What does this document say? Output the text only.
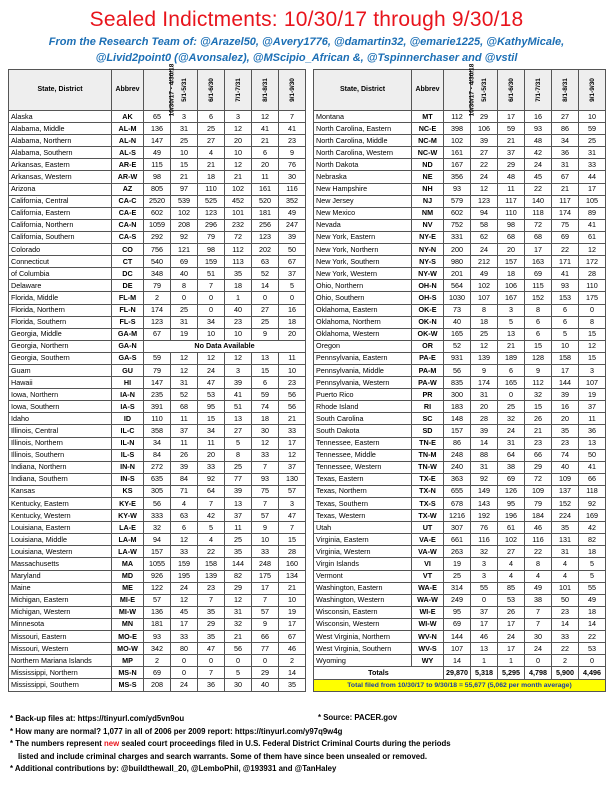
Sealed Indictments: 10/30/17 through 9/30/18
From the Research Team of: @Arazel50, @Avery1776, @damartin32, @emarie1225, @KathyMicale,
@Livid2point0 (@Avonsalez), @MScipio_African &, @Tspinnerchaser and @vstil
State, District	Abbrev	10/30/17 - 4/30/18	5/1-5/31	6/1-6/30	7/1-7/31	8/1-8/31	9/1-9/30
Alaska	AK	65	3	6	3	12	7
Alabama, Middle	AL-M	136	31	25	12	41	41
Alabama, Northern	AL-N	147	25	27	20	21	23
Alabama, Southern	AL-S	49	10	4	10	6	9
Arkansas, Eastern	AR-E	115	15	21	12	20	76
Arkansas, Western	AR-W	98	21	18	21	11	30
Arizona	AZ	805	97	110	102	161	116
California, Central	CA-C	2520	539	525	452	520	352
California, Eastern	CA-E	602	102	123	101	181	49
California, Northern	CA-N	1059	208	296	232	256	247
California, Southern	CA-S	292	92	79	72	123	39
Colorado	CO	756	121	98	112	202	50
Connecticut	CT	540	69	159	113	63	67
of Columbia	DC	348	40	51	35	52	37
Delaware	DE	79	8	7	18	14	5
Florida, Middle	FL-M	2	0	0	1	0	0
Florida, Northern	FL-N	174	25	0	40	27	16
Florida, Southern	FL-S	123	31	34	23	25	18
Georgia, Middle	GA-M	67	19	10	10	9	20
Georgia, Northern	GA-N	No Data Available					
Georgia, Southern	GA-S	59	12	12	12	13	11
Guam	GU	79	12	24	3	15	10
Hawaii	HI	147	31	47	39	6	23
Iowa, Northern	IA-N	235	52	53	41	59	56
Iowa, Southern	IA-S	391	68	95	51	74	56
Idaho	ID	110	11	15	13	18	21
Illinois, Central	IL-C	358	37	34	27	30	33
Illinois, Northern	IL-N	34	11	11	5	12	17
Illinois, Southern	IL-S	84	26	20	8	33	12
Indiana, Northern	IN-N	272	39	33	25	7	37
Indiana, Southern	IN-S	635	84	92	77	93	130
Kansas	KS	305	71	64	39	75	57
Kentucky, Eastern	KY-E	56	4	7	13	7	3
Kentucky, Western	KY-W	333	63	42	37	57	47
Louisiana, Eastern	LA-E	32	6	5	11	9	7
Louisiana, Middle	LA-M	94	12	4	25	10	15
Louisiana, Western	LA-W	157	33	22	35	33	28
Massachusetts	MA	1055	159	158	144	248	160
Maryland	MD	926	195	139	82	175	134
Maine	ME	122	24	23	29	17	21
Michigan, Eastern	MI-E	57	12	7	12	7	10
Michigan, Western	MI-W	136	45	35	31	57	19
Minnesota	MN	181	17	29	32	9	17
Missouri, Eastern	MO-E	93	33	35	21	66	67
Missouri, Western	MO-W	342	80	47	56	77	46
Northern Mariana Islands	MP	2	0	0	0	0	2
Mississippi, Northern	MS-N	69	0	7	5	29	14
Mississippi, Southern	MS-S	208	24	36	30	40	35
State, District	Abbrev	10/30/17 - 4/30/18	5/1-5/31	6/1-6/30	7/1-7/31	8/1-8/31	9/1-9/30
Montana	MT	112	29	17	16	27	10
North Carolina, Eastern	NC-E	398	106	59	93	86	59
North Carolina, Middle	NC-M	102	39	21	48	34	25
North Carolina, Western	NC-W	161	27	37	42	36	31
North Dakota	ND	167	22	29	24	31	33
Nebraska	NE	356	24	48	45	67	44
New Hampshire	NH	93	12	11	22	21	17
New Jersey	NJ	579	123	117	140	117	105
New Mexico	NM	602	94	110	118	174	89
Nevada	NV	752	58	98	72	75	41
New York, Eastern	NY-E	331	62	68	68	69	61
New York, Northern	NY-N	200	24	20	17	22	12
New York, Southern	NY-S	980	212	157	163	171	172
New York, Western	NY-W	201	49	18	69	41	28
Ohio, Northern	OH-N	564	102	106	115	93	110
Ohio, Southern	OH-S	1030	107	167	152	153	175
Oklahoma, Eastern	OK-E	73	8	3	8	6	0
Oklahoma, Northern	OK-N	40	18	5	6	6	8
Oklahoma, Western	OK-W	165	25	13	6	5	15
Oregon	OR	52	12	21	15	10	12
Pennsylvania, Eastern	PA-E	931	139	189	128	158	15
Pennsylvania, Middle	PA-M	56	9	6	9	17	3
Pennsylvania, Western	PA-W	835	174	165	112	144	107
Puerto Rico	PR	300	31	0	32	39	19
Rhode Island	RI	183	20	25	15	16	37
South Carolina	SC	148	28	32	26	20	11
South Dakota	SD	157	39	24	21	35	36
Tennessee, Eastern	TN-E	86	14	31	23	23	13
Tennessee, Middle	TN-M	248	88	64	66	74	50
Tennessee, Western	TN-W	240	31	38	29	40	41
Texas, Eastern	TX-E	363	92	69	72	109	66
Texas, Northern	TX-N	655	149	126	109	137	118
Texas, Southern	TX-S	678	143	95	79	152	92
Texas, Western	TX-W	1216	192	196	184	224	169
Utah	UT	307	76	61	46	35	42
Virginia, Eastern	VA-E	661	116	102	116	131	82
Virginia, Western	VA-W	263	32	27	22	31	18
Virgin Islands	VI	19	3	4	8	4	5
Vermont	VT	25	3	4	4	4	5
Washington, Eastern	WA-E	314	55	85	49	101	55
Washington, Western	WA-W	249	0	53	38	50	49
Wisconsin, Eastern	WI-E	95	37	26	7	23	18
Wisconsin, Western	WI-W	69	17	17	7	14	14
West Virginia, Northern	WV-N	144	46	24	30	33	22
West Virginia, Southern	WV-S	107	13	17	24	22	53
Wyoming	WY	14	1	1	0	2	0
Totals		29,870	5,318	5,295	4,798	5,900	4,496
Total filed from 10/30/17 to 9/30/18 = 55,677 (5,062 per month average)							
* Back-up files at: https://tinyurl.com/yd5vn9ou
* How many are normal? 1,077 in all of 2006 per 2009 report: https://tinyurl.com/y97q9w4g
* The numbers represent new sealed court proceedings filed in U.S. Federal District Criminal Courts during the periods
listed and include criminal charges and search warrants. Some of them have since been unsealed or removed.
* Additional contributions by: @buildthewall_20, @LemboPhil, @193931 and @TanHaley
* Source: PACER.gov
